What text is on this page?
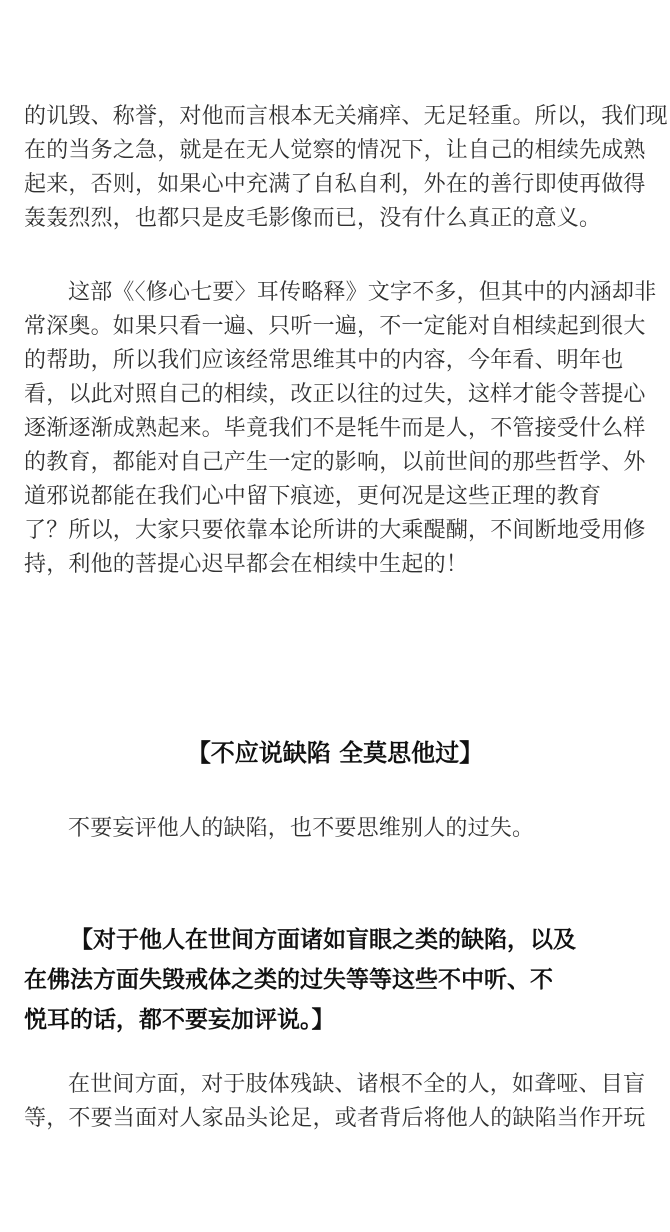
的讥毁、称誉，对他而言根本无关痛痒、无足轻重。所以，我们现
在的当务之急，就是在无人觉察的情况下，让自己的相续先成熟
起来，否则，如果心中充满了自私自利，外在的善行即使再做得
轰轰烈烈，也都只是皮毛影像而已，没有什么真正的意义。
这部《〈修心七要〉耳传略释》文字不多，但其中的内涵却非
常深奥。如果只看一遍、只听一遍，不一定能对自相续起到很大
的帮助，所以我们应该经常思维其中的内容，今年看、明年也
看，以此对照自己的相续，改正以往的过失，这样才能令菩提心
逐渐逐渐成熟起来。毕竟我们不是牦牛而是人，不管接受什么样
的教育，都能对自己产生一定的影响，以前世间的那些哲学、外
道邪说都能在我们心中留下痕迹，更何况是这些正理的教育
了？所以，大家只要依靠本论所讲的大乘醍醐，不间断地受用修
持，利他的菩提心迟早都会在相续中生起的！
【不应说缺陷 全莫思他过】
不要妄评他人的缺陷，也不要思维别人的过失。
【对于他人在世间方面诸如盲眼之类的缺陷，以及
在佛法方面失毁戒体之类的过失等等这些不中听、不
悦耳的话，都不要妄加评说。】
在世间方面，对于肢体残缺、诸根不全的人，如聋哑、目盲
等，不要当面对人家品头论足，或者背后将他人的缺陷当作开玩
